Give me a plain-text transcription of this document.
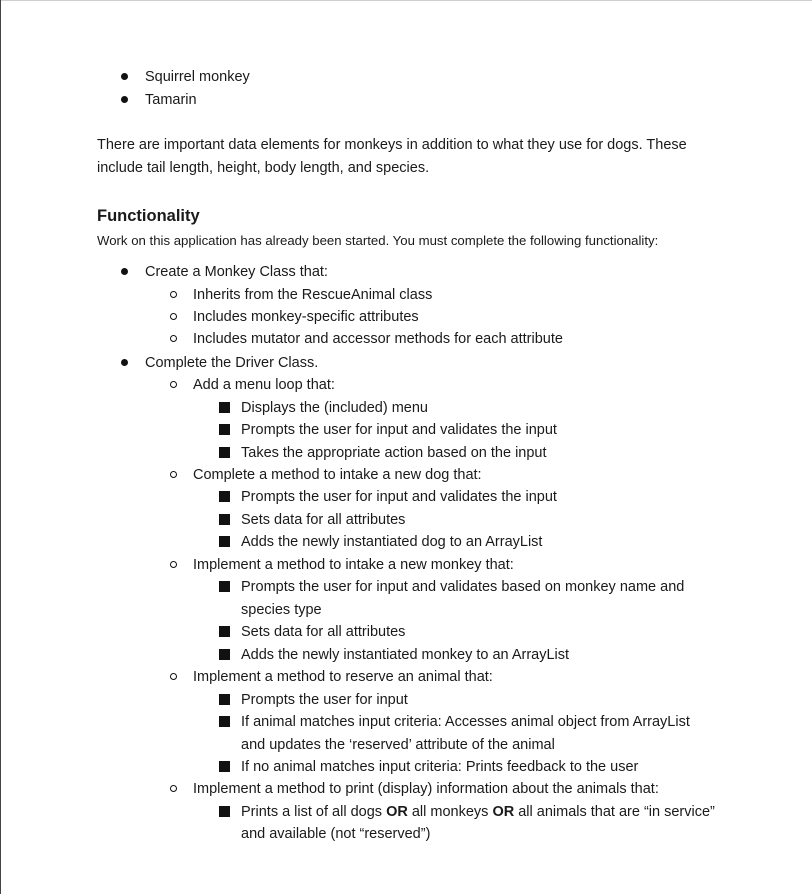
Squirrel monkey
Tamarin
There are important data elements for monkeys in addition to what they use for dogs. These
include tail length, height, body length, and species.
Functionality
Work on this application has already been started. You must complete the following functionality:
Create a Monkey Class that:
Inherits from the RescueAnimal class
Includes monkey-specific attributes
Includes mutator and accessor methods for each attribute
Complete the Driver Class.
Add a menu loop that:
Displays the (included) menu
Prompts the user for input and validates the input
Takes the appropriate action based on the input
Complete a method to intake a new dog that:
Prompts the user for input and validates the input
Sets data for all attributes
Adds the newly instantiated dog to an ArrayList
Implement a method to intake a new monkey that:
Prompts the user for input and validates based on monkey name and
species type
Sets data for all attributes
Adds the newly instantiated monkey to an ArrayList
Implement a method to reserve an animal that:
Prompts the user for input
If animal matches input criteria: Accesses animal object from ArrayList
and updates the ‘reserved’ attribute of the animal
If no animal matches input criteria: Prints feedback to the user
Implement a method to print (display) information about the animals that:
Prints a list of all dogs OR all monkeys OR all animals that are “in service”
and available (not “reserved”)
